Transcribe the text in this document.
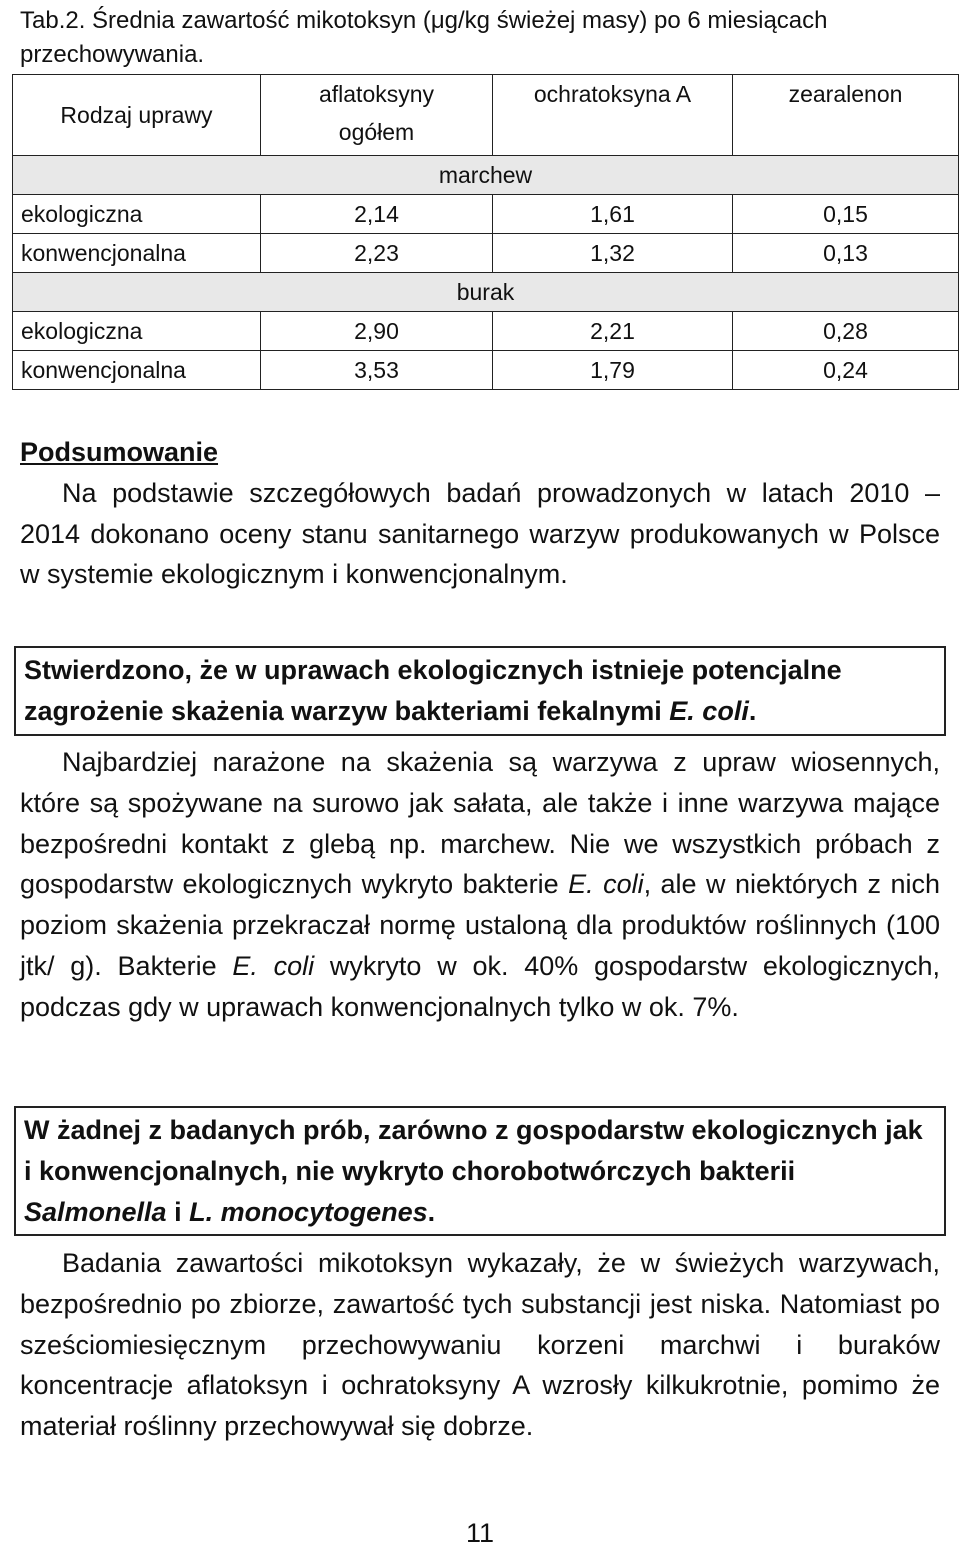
Tab.2. Średnia zawartość mikotoksyn (μg/kg świeżej masy) po 6 miesiącach przechowywania.
Rodzaj uprawy	aflatoksyny ogółem	ochratoksyna A	zearalenon
marchew			
ekologiczna	2,14	1,61	0,15
konwencjonalna	2,23	1,32	0,13
burak			
ekologiczna	2,90	2,21	0,28
konwencjonalna	3,53	1,79	0,24
Podsumowanie
Na podstawie szczegółowych badań prowadzonych w latach 2010 – 2014 dokonano oceny stanu sanitarnego warzyw produkowanych w Polsce w systemie ekologicznym i konwencjonalnym.
Stwierdzono, że w uprawach ekologicznych istnieje potencjalne zagrożenie skażenia warzyw bakteriami fekalnymi E. coli.
Najbardziej narażone na skażenia są warzywa z upraw wiosennych, które są spożywane na surowo jak sałata, ale także i inne warzywa mające bezpośredni kontakt z glebą np. marchew. Nie we wszystkich próbach z gospodarstw ekologicznych wykryto bakterie E. coli, ale w niektórych z nich poziom skażenia przekraczał normę ustaloną dla produktów roślinnych (100 jtk/ g). Bakterie E. coli wykryto w ok. 40% gospodarstw ekologicznych, podczas gdy w uprawach konwencjonalnych tylko w ok. 7%.
W żadnej z badanych prób, zarówno z gospodarstw ekologicznych jak i konwencjonalnych, nie wykryto chorobotwórczych bakterii Salmonella i L. monocytogenes.
Badania zawartości mikotoksyn wykazały, że w świeżych warzywach, bezpośrednio po zbiorze, zawartość tych substancji jest niska. Natomiast po sześciomiesięcznym przechowywaniu korzeni marchwi i buraków koncentracje aflatoksyn i ochratoksyny A wzrosły kilkukrotnie, pomimo że materiał roślinny przechowywał się dobrze.
11
